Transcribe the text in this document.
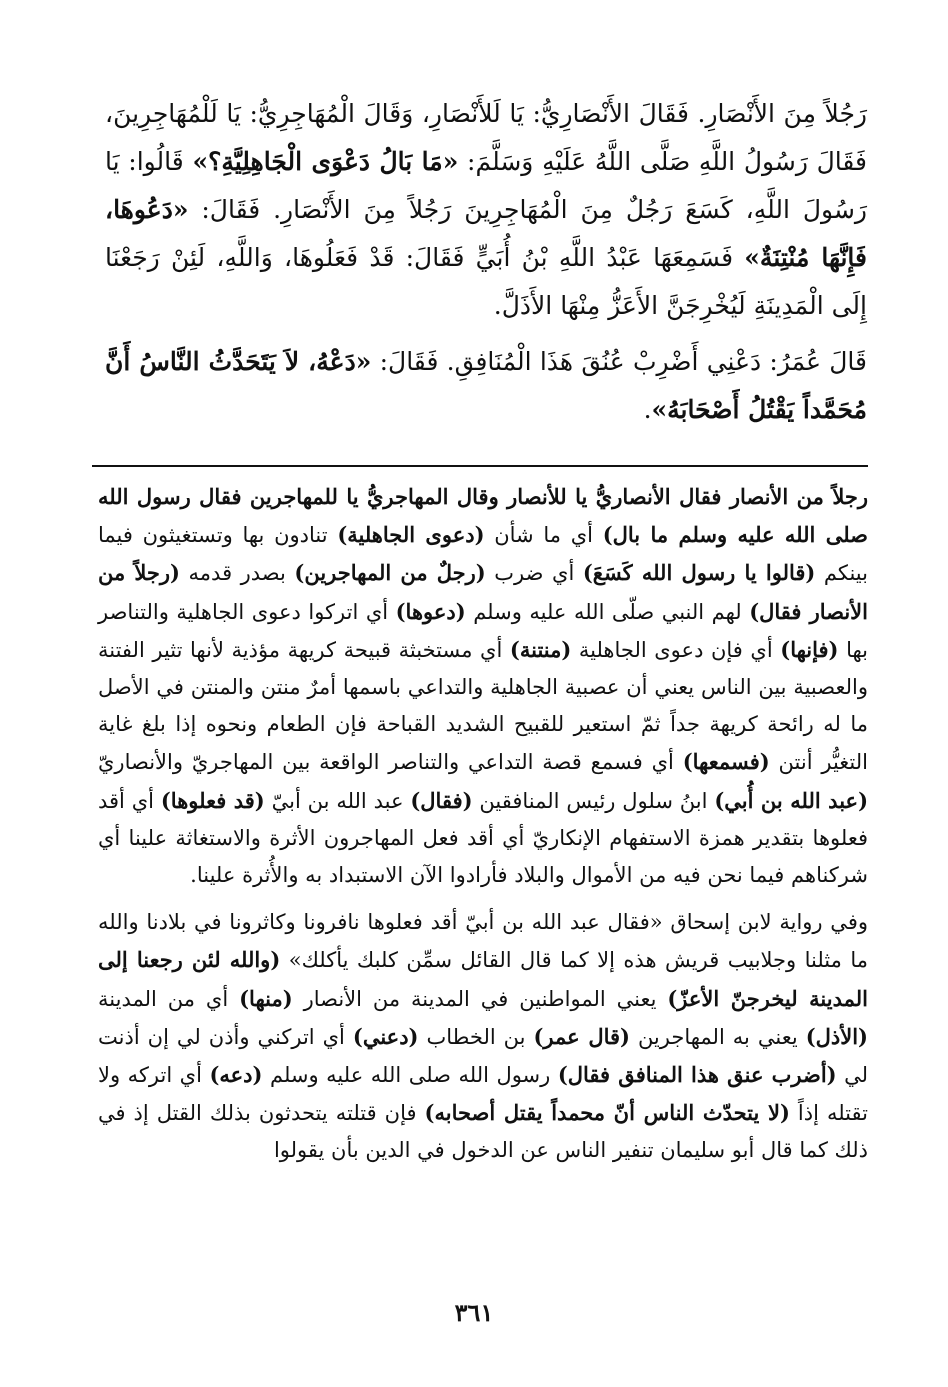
رَجُلاً مِنَ الأَنْصَارِ. فَقَالَ الأَنْصَارِيُّ: يَا لَلأَنْصَارِ، وَقَالَ الْمُهَاجِرِيُّ: يَا لَلْمُهَاجِرِينَ، فَقَالَ رَسُولُ اللَّهِ صَلَّى اللَّهُ عَلَيْهِ وَسَلَّمَ: «مَا بَالُ دَعْوَى الْجَاهِلِيَّةِ؟» قَالُوا: يَا رَسُولَ اللَّهِ، كَسَعَ رَجُلٌ مِنَ الْمُهَاجِرِينَ رَجُلاً مِنَ الأَنْصَارِ. فَقَالَ: «دَعُوهَا، فَإِنَّهَا مُنْتِنَةٌ» فَسَمِعَهَا عَبْدُ اللَّهِ بْنُ أُبَيٍّ فَقَالَ: قَدْ فَعَلُوهَا، وَاللَّهِ، لَئِنْ رَجَعْنَا إِلَى الْمَدِينَةِ لَيُخْرِجَنَّ الأَعَزُّ مِنْهَا الأَذَلَّ.

قَالَ عُمَرُ: دَعْنِي أَضْرِبْ عُنُقَ هَذَا الْمُنَافِقِ. فَقَالَ: «دَعْهُ، لاَ يَتَحَدَّثُ النَّاسُ أَنَّ مُحَمَّداً يَقْتُلُ أَصْحَابَهُ».

رجلاً من الأنصار فقال الأنصاريُّ يا للأنصار وقال المهاجريُّ يا للمهاجرين فقال رسول الله صلى الله عليه وسلم ما بال) أي ما شأن (دعوى الجاهلية) تنادون بها وتستغيثون فيما بينكم (قالوا يا رسول الله كَسَعَ) أي ضرب (رجلٌ من المهاجرين) بصدر قدمه (رجلاً من الأنصار فقال) لهم النبي صلّى الله عليه وسلم (دعوها) أي اتركوا دعوى الجاهلية والتناصر بها (فإنها) أي فإن دعوى الجاهلية (منتنة) أي مستخبثة قبيحة كريهة مؤذية لأنها تثير الفتنة والعصبية بين الناس يعني أن عصبية الجاهلية والتداعي باسمها أمرٌ منتن والمنتن في الأصل ما له رائحة كريهة جداً ثمّ استعير للقبيح الشديد القباحة فإن الطعام ونحوه إذا بلغ غاية التغيُّر أنتن (فسمعها) أي فسمع قصة التداعي والتناصر الواقعة بين المهاجريّ والأنصاريّ (عبد الله بن أُبي) ابنُ سلول رئيس المنافقين (فقال) عبد الله بن أبيّ (قد فعلوها) أي أقد فعلوها بتقدير همزة الاستفهام الإنكاريّ أي أقد فعل المهاجرون الأثرة والاستغاثة علينا أي شركناهم فيما نحن فيه من الأموال والبلاد فأرادوا الآن الاستبداد به والأُثرة علينا.

وفي رواية لابن إسحاق «فقال عبد الله بن أبيّ أقد فعلوها نافرونا وكاثرونا في بلادنا والله ما مثلنا وجلابيب قريش هذه إلا كما قال القائل سمِّن كلبك يأكلك» (والله لئن رجعنا إلى المدينة ليخرجنّ الأعزّ) يعني المواطنين في المدينة من الأنصار (منها) أي من المدينة (الأذل) يعني به المهاجرين (قال عمر) بن الخطاب (دعني) أي اتركني وأذن لي إن أذنت لي (أضرب عنق هذا المنافق فقال) رسول الله صلى الله عليه وسلم (دعه) أي اتركه ولا تقتله إذاً (لا يتحدّث الناس أنّ محمداً يقتل أصحابه) فإن قتلته يتحدثون بذلك القتل إذ في ذلك كما قال أبو سليمان تنفير الناس عن الدخول في الدين بأن يقولوا

٣٦١
